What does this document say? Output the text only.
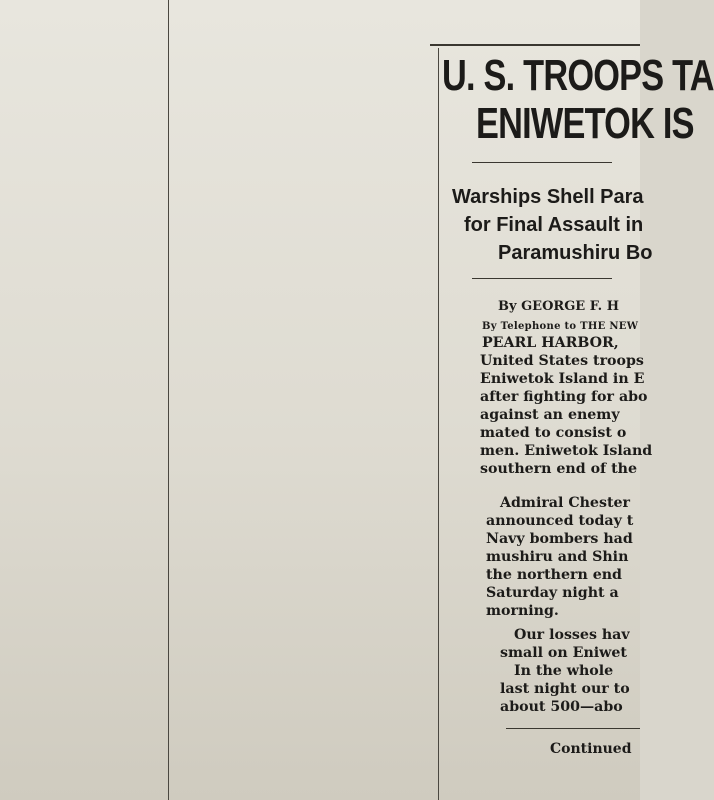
U. S. TROOPS TA
ENIWETOK IS
Warships Shell Para
for Final Assault in
Paramushiru Bo
By GEORGE F. H
By Telephone to THE NEW
PEARL HARBOR,

United States troops

Eniwetok Island in E

after fighting for abo

against an enemy

mated to consist o

men. Eniwetok Island

southern end of the

Admiral Chester

announced today t

Navy bombers had

mushiru and Shin

the northern end

Saturday night a

morning.

Our losses hav

small on Eniwet

In the whole

last night our to

about 500—abo

Continued
